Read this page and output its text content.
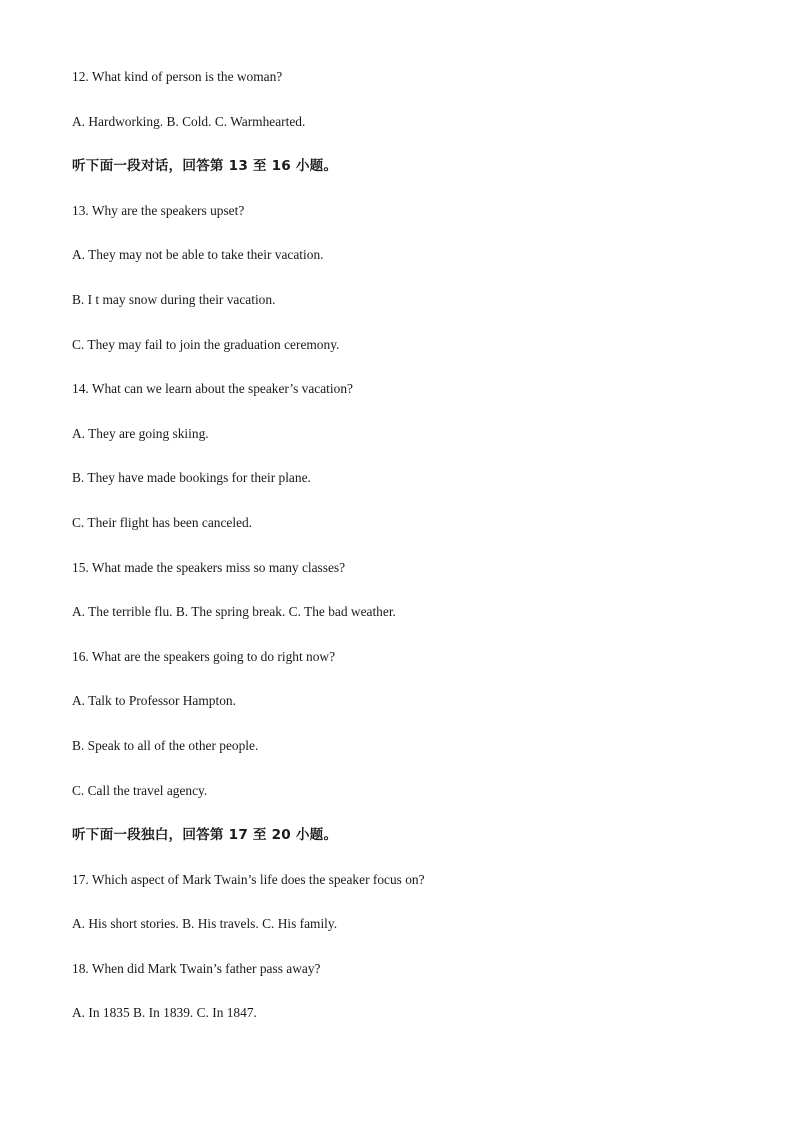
12. What kind of person is the woman?
A. Hardworking. B. Cold. C. Warmhearted.
听下面一段对话，回答第 13 至 16 小题。
13. Why are the speakers upset?
A. They may not be able to take their vacation.
B. I t may snow during their vacation.
C. They may fail to join the graduation ceremony.
14. What can we learn about the speaker’s vacation?
A. They are going skiing.
B. They have made bookings for their plane.
C. Their flight has been canceled.
15. What made the speakers miss so many classes?
A. The terrible flu. B. The spring break. C. The bad weather.
16. What are the speakers going to do right now?
A. Talk to Professor Hampton.
B. Speak to all of the other people.
C. Call the travel agency.
听下面一段独白，回答第 17 至 20 小题。
17. Which aspect of Mark Twain’s life does the speaker focus on?
A. His short stories. B. His travels. C. His family.
18. When did Mark Twain’s father pass away?
A. In 1835 B. In 1839. C. In 1847.
